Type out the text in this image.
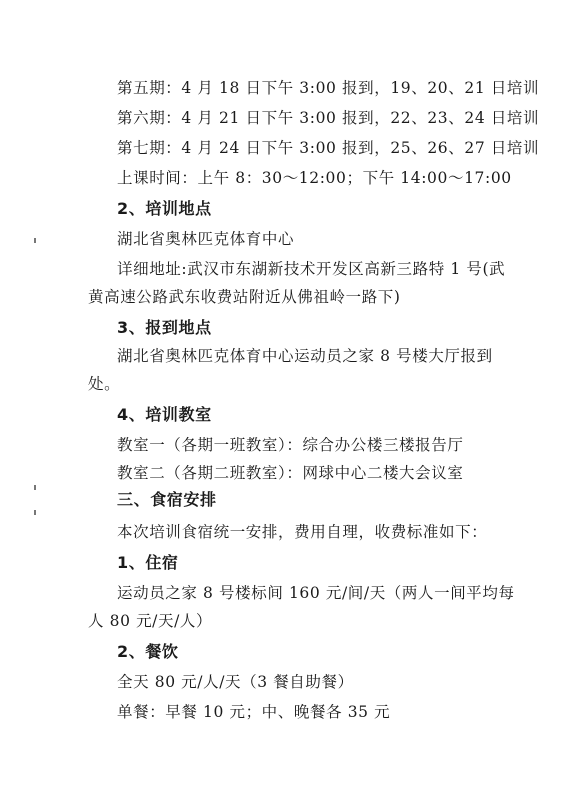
第五期：4 月 18 日下午 3:00 报到，19、20、21 日培训
第六期：4 月 21 日下午 3:00 报到，22、23、24 日培训
第七期：4 月 24 日下午 3:00 报到，25、26、27 日培训
上课时间：上午 8：30～12:00；下午 14:00～17:00
2、培训地点
湖北省奥林匹克体育中心
详细地址:武汉市东湖新技术开发区高新三路特 1 号(武
黄高速公路武东收费站附近从佛祖岭一路下)
3、报到地点
湖北省奥林匹克体育中心运动员之家 8 号楼大厅报到
处。
4、培训教室
教室一（各期一班教室）：综合办公楼三楼报告厅
教室二（各期二班教室）：网球中心二楼大会议室
三、食宿安排
本次培训食宿统一安排，费用自理，收费标准如下：
1、住宿
运动员之家 8 号楼标间 160 元/间/天（两人一间平均每
人 80 元/天/人）
2、餐饮
全天 80 元/人/天（3 餐自助餐）
单餐：早餐 10 元；中、晚餐各 35 元
